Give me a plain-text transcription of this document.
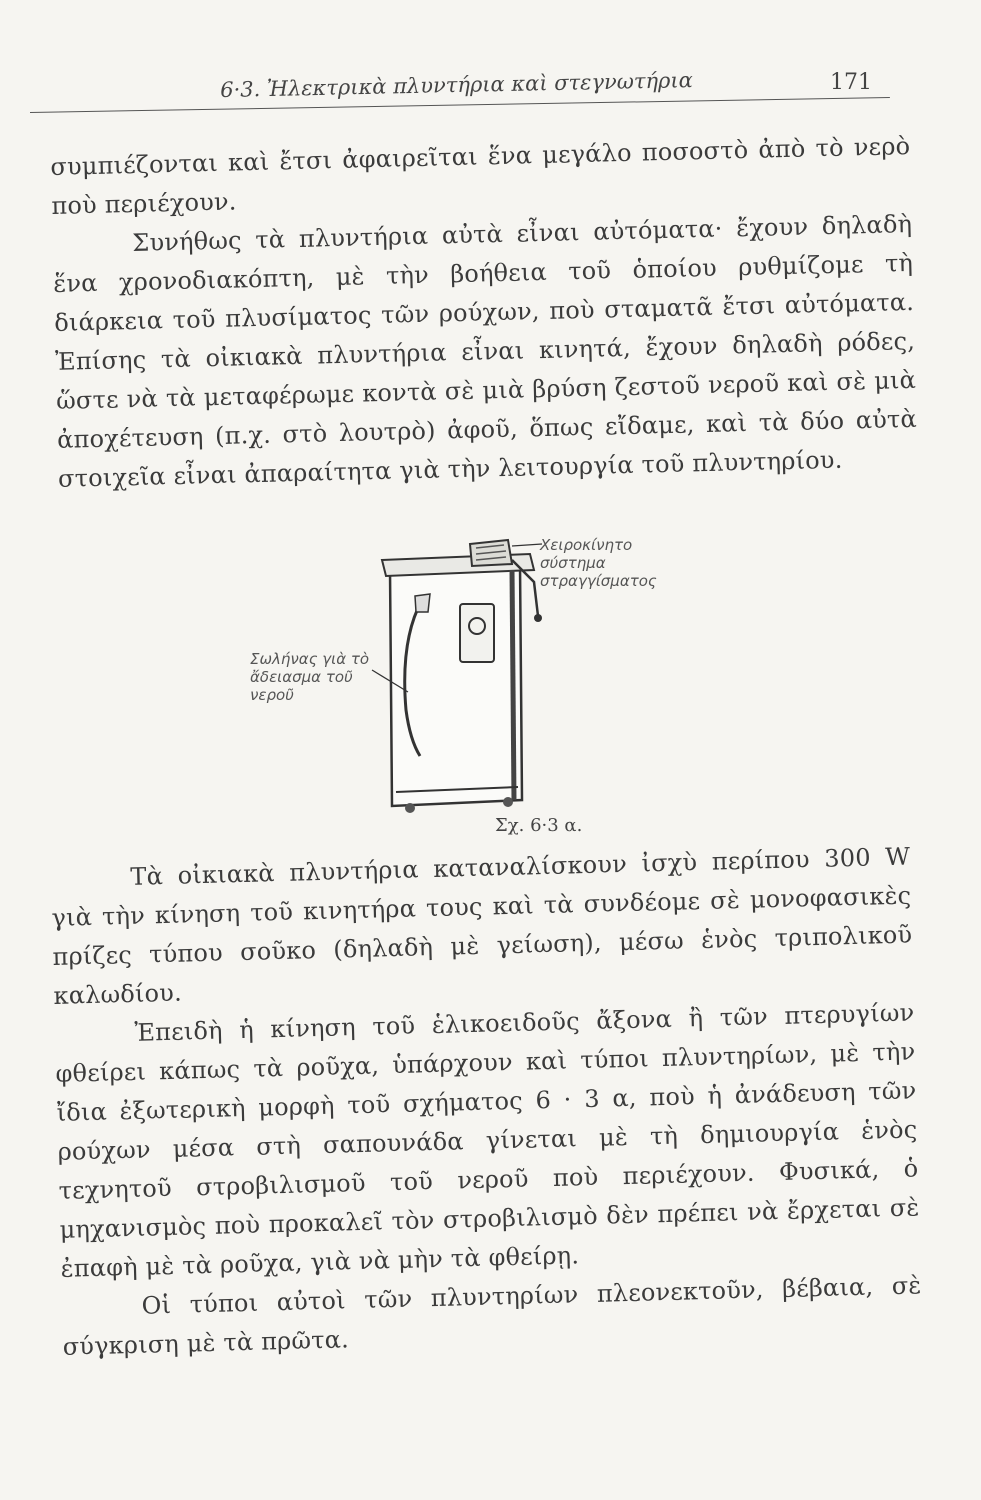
6·3. Ἠλεκτρικὰ πλυντήρια καὶ στεγνωτήρια	171

συμπιέζονται καὶ ἔτσι ἀφαιρεῖται ἕνα μεγάλο ποσοστὸ ἀπὸ τὸ νερὸ ποὺ περιέχουν.

Συνήθως τὰ πλυντήρια αὐτὰ εἶναι αὐτόματα· ἔχουν δηλαδὴ ἕνα χρονοδιακόπτη, μὲ τὴν βοήθεια τοῦ ὁποίου ρυθμίζομε τὴ διάρκεια τοῦ πλυσίματος τῶν ρούχων, ποὺ σταματᾶ ἔτσι αὐτόματα. Ἐπίσης τὰ οἰκιακὰ πλυντήρια εἶναι κινητά, ἔχουν δηλαδὴ ρόδες, ὥστε νὰ τὰ μεταφέρωμε κοντὰ σὲ μιὰ βρύση ζεστοῦ νεροῦ καὶ σὲ μιὰ ἀποχέτευση (π.χ. στὸ λουτρὸ) ἀφοῦ, ὅπως εἴδαμε, καὶ τὰ δύο αὐτὰ στοιχεῖα εἶναι ἀπαραίτητα γιὰ τὴν λειτουργία τοῦ πλυντηρίου.

Χειροκίνητο σύστημα στραγγίσματος
Σωλήνας γιὰ τὸ ἄδειασμα τοῦ νεροῦ
Σχ. 6·3 α.

Τὰ οἰκιακὰ πλυντήρια καταναλίσκουν ἰσχὺ περίπου 300 W γιὰ τὴν κίνηση τοῦ κινητήρα τους καὶ τὰ συνδέομε σὲ μονοφασικὲς πρίζες τύπου σοῦκο (δηλαδὴ μὲ γείωση), μέσω ἑνὸς τριπολικοῦ καλωδίου.

Ἐπειδὴ ἡ κίνηση τοῦ ἑλικοειδοῦς ἄξονα ἢ τῶν πτερυγίων φθείρει κάπως τὰ ροῦχα, ὑπάρχουν καὶ τύποι πλυντηρίων, μὲ τὴν ἴδια ἐξωτερικὴ μορφὴ τοῦ σχήματος 6 · 3 α, ποὺ ἡ ἀνάδευση τῶν ρούχων μέσα στὴ σαπουνάδα γίνεται μὲ τὴ δημιουργία ἑνὸς τεχνητοῦ στροβιλισμοῦ τοῦ νεροῦ ποὺ περιέχουν. Φυσικά, ὁ μηχανισμὸς ποὺ προκαλεῖ τὸν στροβιλισμὸ δὲν πρέπει νὰ ἔρχεται σὲ ἐπαφὴ μὲ τὰ ροῦχα, γιὰ νὰ μὴν τὰ φθείρῃ.

Οἱ τύποι αὐτοὶ τῶν πλυντηρίων πλεονεκτοῦν, βέβαια, σὲ σύγκριση μὲ τὰ πρῶτα.
